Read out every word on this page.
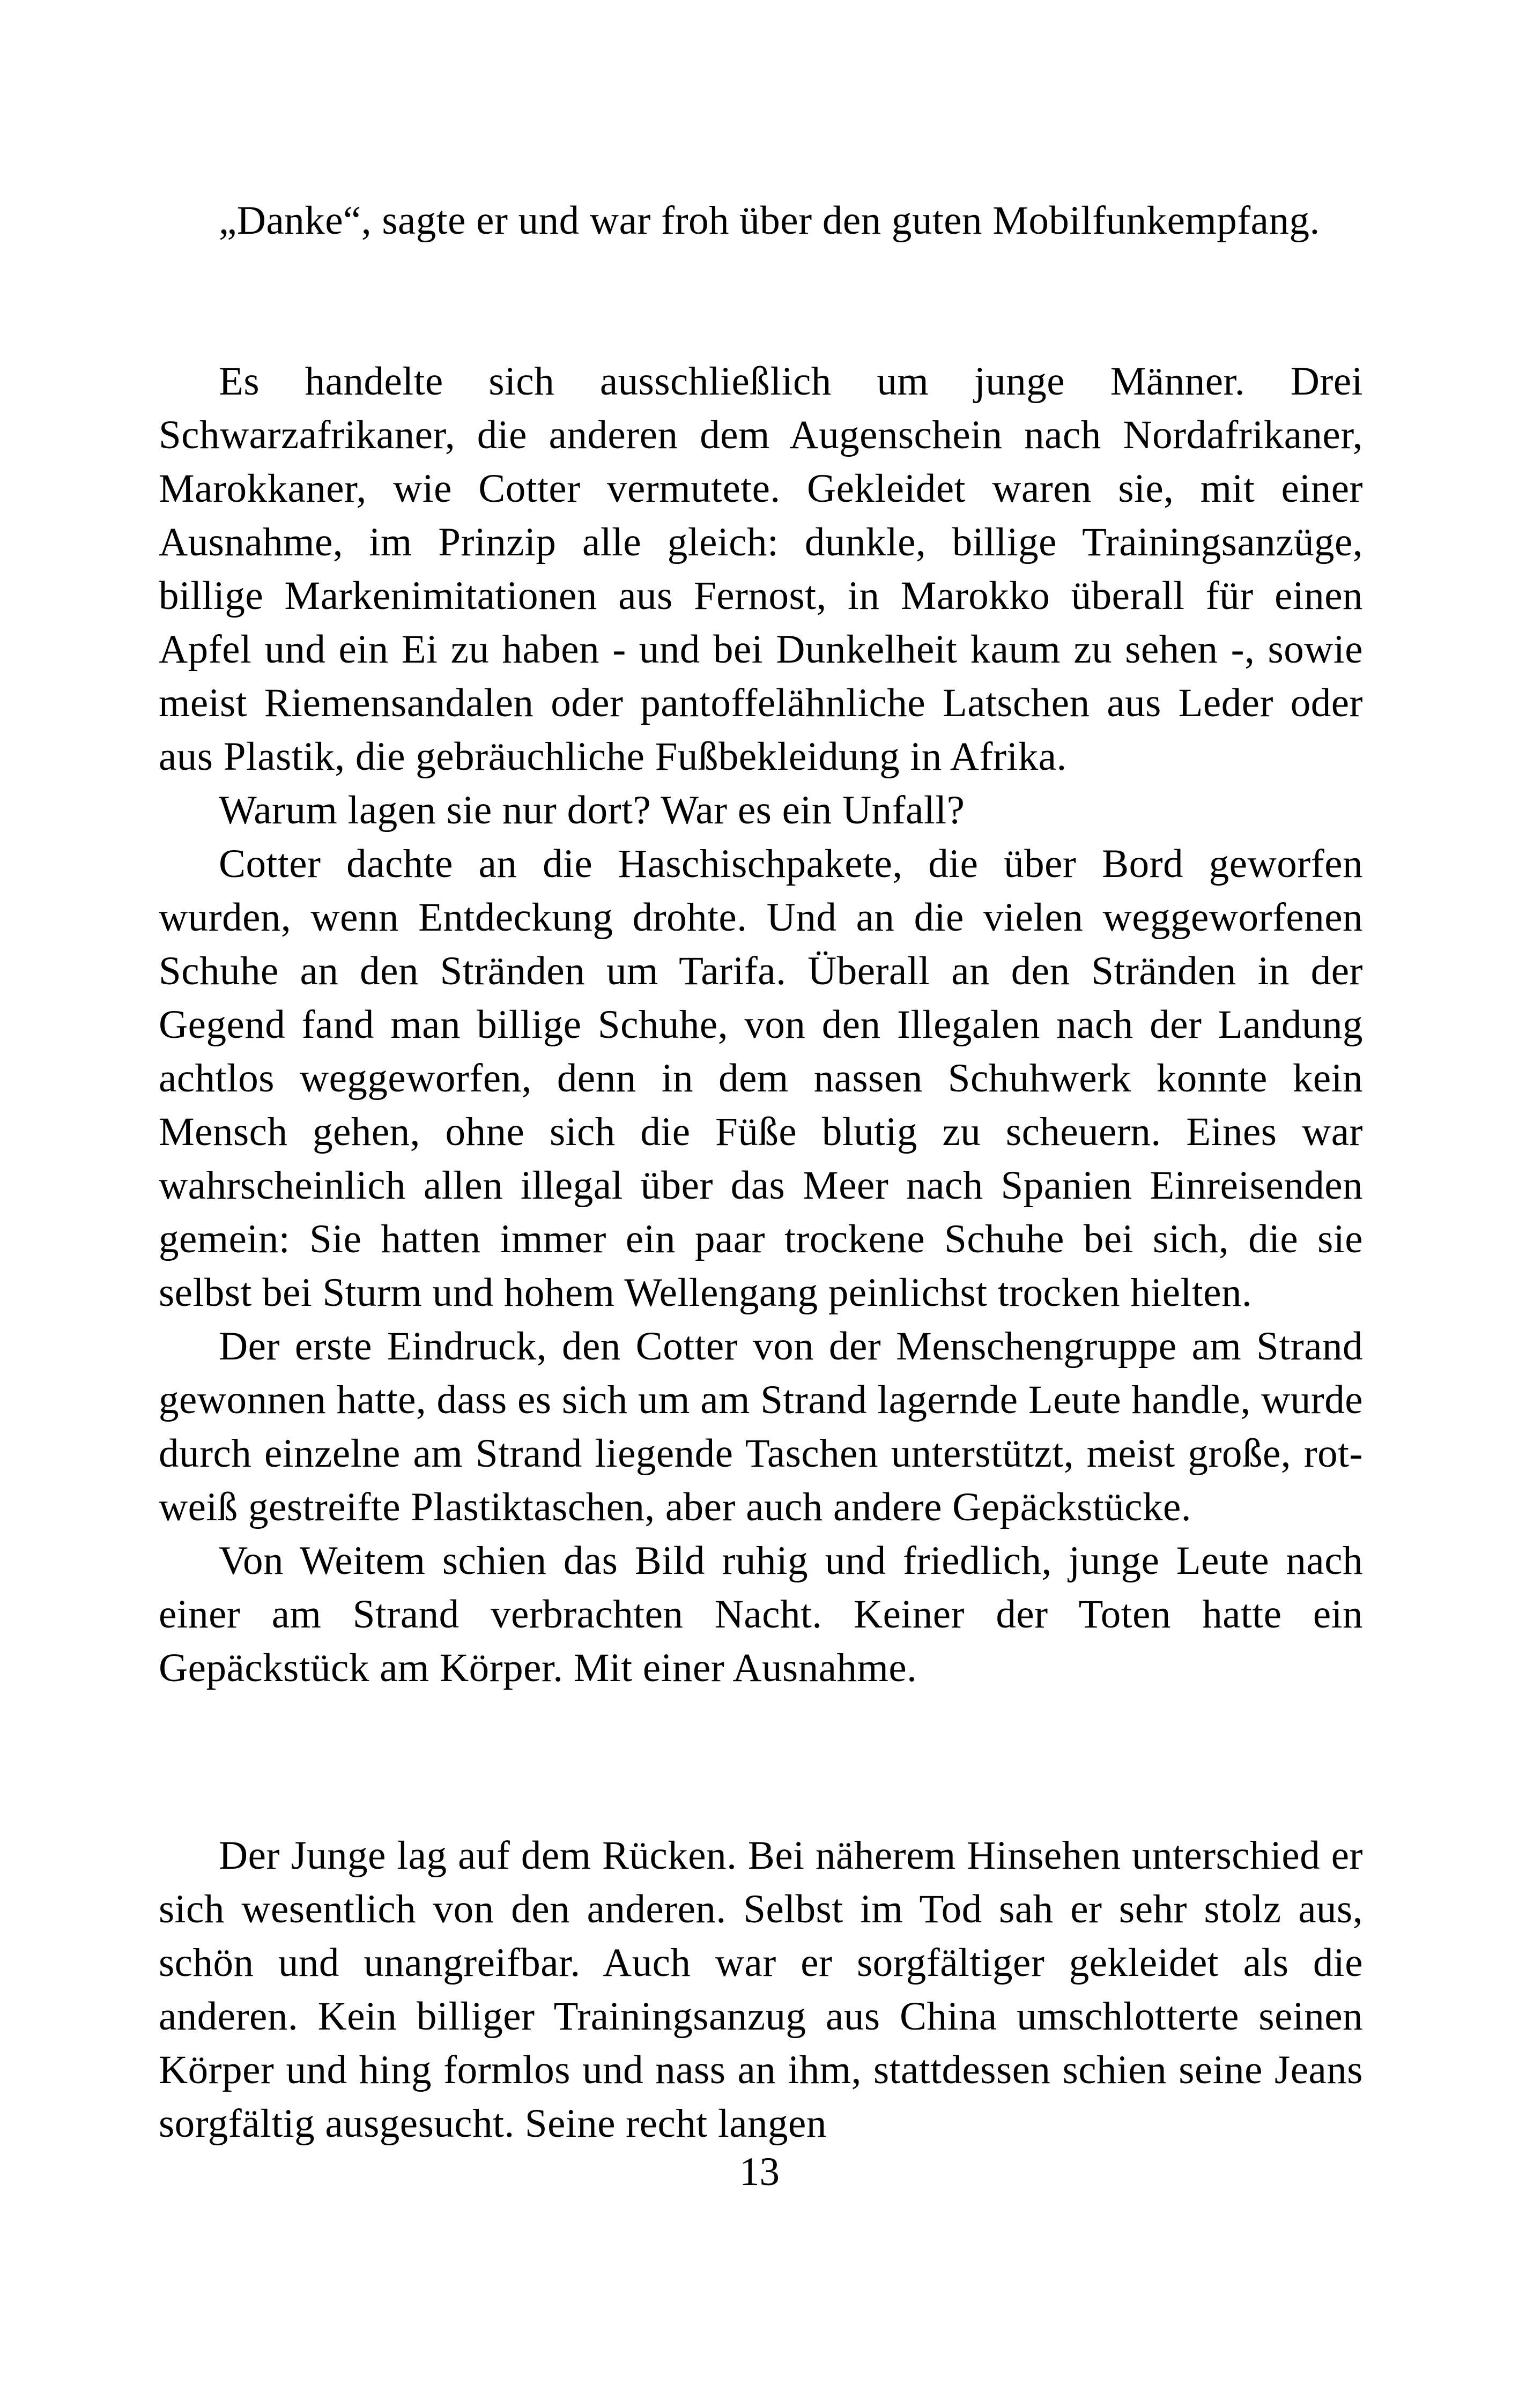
„Danke“, sagte er und war froh über den guten Mobilfunkempfang.

Es handelte sich ausschließlich um junge Männer. Drei Schwarzafrikaner, die anderen dem Augenschein nach Nordafrikaner, Marokkaner, wie Cotter vermutete. Gekleidet waren sie, mit einer Ausnahme, im Prinzip alle gleich: dunkle, billige Trainingsanzüge, billige Markenimitationen aus Fernost, in Marokko überall für einen Apfel und ein Ei zu haben - und bei Dunkelheit kaum zu sehen -, sowie meist Riemensandalen oder pantoffelähnliche Latschen aus Leder oder aus Plastik, die gebräuchliche Fußbekleidung in Afrika.

Warum lagen sie nur dort? War es ein Unfall?

Cotter dachte an die Haschischpakete, die über Bord geworfen wurden, wenn Entdeckung drohte. Und an die vielen weggeworfenen Schuhe an den Stränden um Tarifa. Überall an den Stränden in der Gegend fand man billige Schuhe, von den Illegalen nach der Landung achtlos weggeworfen, denn in dem nassen Schuhwerk konnte kein Mensch gehen, ohne sich die Füße blutig zu scheuern. Eines war wahrscheinlich allen illegal über das Meer nach Spanien Einreisenden gemein: Sie hatten immer ein paar trockene Schuhe bei sich, die sie selbst bei Sturm und hohem Wellengang peinlichst trocken hielten.

Der erste Eindruck, den Cotter von der Menschengruppe am Strand gewonnen hatte, dass es sich um am Strand lagernde Leute handle, wurde durch einzelne am Strand liegende Taschen unterstützt, meist große, rot-weiß gestreifte Plastiktaschen, aber auch andere Gepäckstücke.

Von Weitem schien das Bild ruhig und friedlich, junge Leute nach einer am Strand verbrachten Nacht. Keiner der Toten hatte ein Gepäckstück am Körper. Mit einer Ausnahme.

Der Junge lag auf dem Rücken. Bei näherem Hinsehen unterschied er sich wesentlich von den anderen. Selbst im Tod sah er sehr stolz aus, schön und unangreifbar. Auch war er sorgfältiger gekleidet als die anderen. Kein billiger Trainingsanzug aus China umschlotterte seinen Körper und hing formlos und nass an ihm, stattdessen schien seine Jeans sorgfältig ausgesucht. Seine recht langen

13
